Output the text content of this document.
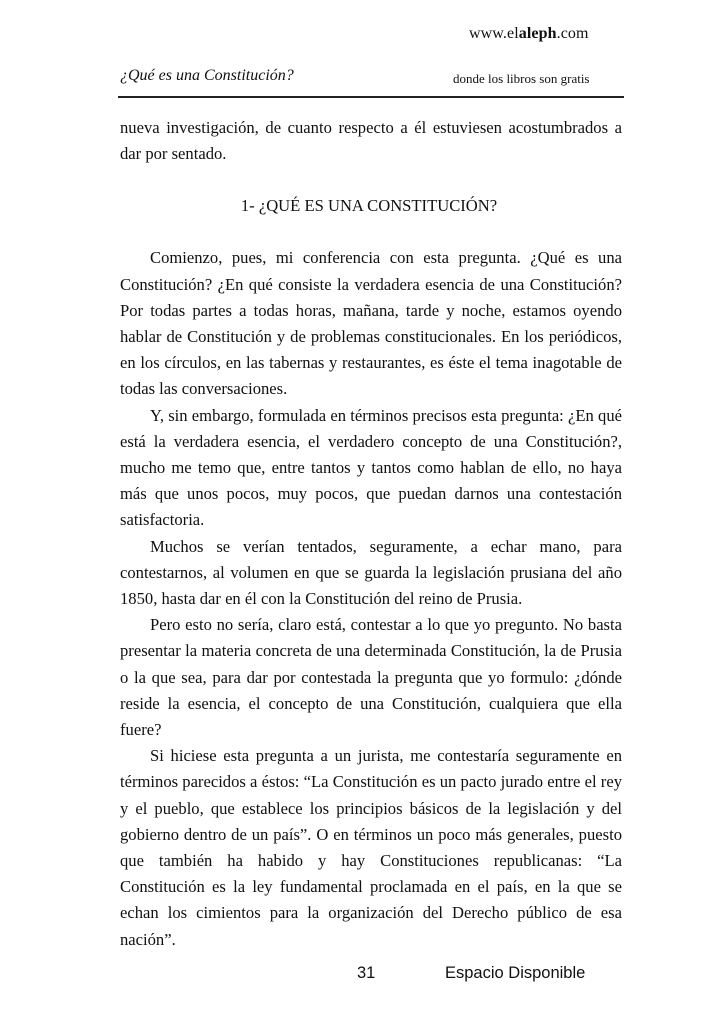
www.elaleph.com
¿Qué es una Constitución?	donde los libros son gratis

nueva investigación, de cuanto respecto a él estuviesen acostumbrados a dar por sentado.

1- ¿QUÉ ES UNA CONSTITUCIÓN?

Comienzo, pues, mi conferencia con esta pregunta. ¿Qué es una Constitución? ¿En qué consiste la verdadera esencia de una Constitución? Por todas partes a todas horas, mañana, tarde y noche, estamos oyendo hablar de Constitución y de problemas constitucionales. En los periódicos, en los círculos, en las tabernas y restaurantes, es éste el tema inagotable de todas las conversaciones.

Y, sin embargo, formulada en términos precisos esta pregunta: ¿En qué está la verdadera esencia, el verdadero concepto de una Constitución?, mucho me temo que, entre tantos y tantos como hablan de ello, no haya más que unos pocos, muy pocos, que puedan darnos una contestación satisfactoria.

Muchos se verían tentados, seguramente, a echar mano, para contestarnos, al volumen en que se guarda la legislación prusiana del año 1850, hasta dar en él con la Constitución del reino de Prusia.

Pero esto no sería, claro está, contestar a lo que yo pregunto. No basta presentar la materia concreta de una determinada Constitución, la de Prusia o la que sea, para dar por contestada la pregunta que yo formulo: ¿dónde reside la esencia, el concepto de una Constitución, cualquiera que ella fuere?

Si hiciese esta pregunta a un jurista, me contestaría seguramente en términos parecidos a éstos: “La Constitución es un pacto jurado entre el rey y el pueblo, que establece los principios básicos de la legislación y del gobierno dentro de un país”. O en términos un poco más generales, puesto que también ha habido y hay Constituciones republicanas: “La Constitución es la ley fundamental proclamada en el país, en la que se echan los cimientos para la organización del Derecho público de esa nación”.

31	Espacio Disponible
